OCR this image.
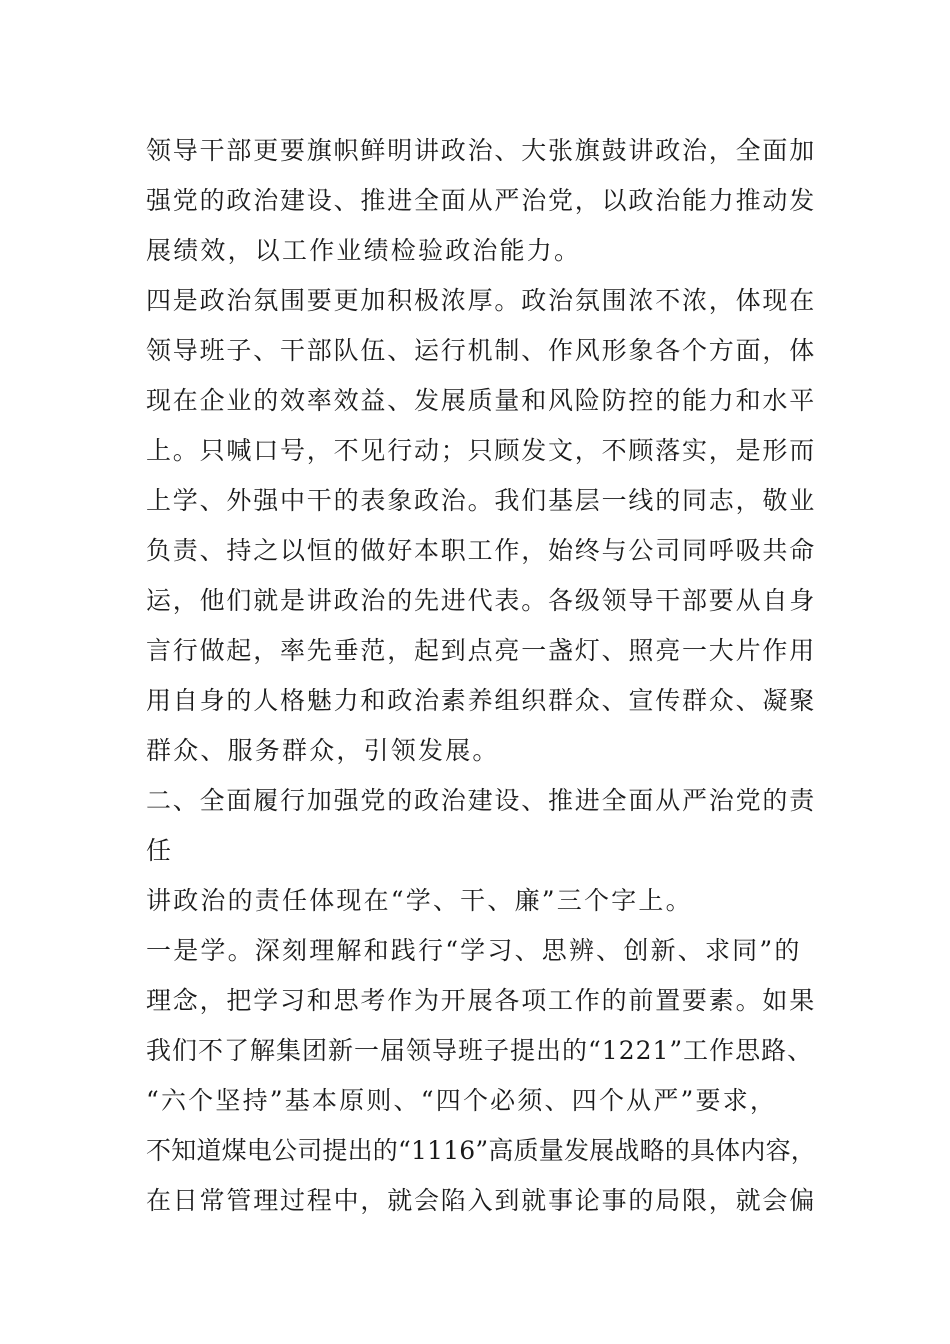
领导干部更要旗帜鲜明讲政治、大张旗鼓讲政治，全面加
强党的政治建设、推进全面从严治党，以政治能力推动发
展绩效，以工作业绩检验政治能力。
四是政治氛围要更加积极浓厚。政治氛围浓不浓，体现在
领导班子、干部队伍、运行机制、作风形象各个方面，体
现在企业的效率效益、发展质量和风险防控的能力和水平
上。只喊口号，不见行动；只顾发文，不顾落实，是形而
上学、外强中干的表象政治。我们基层一线的同志，敬业
负责、持之以恒的做好本职工作，始终与公司同呼吸共命
运，他们就是讲政治的先进代表。各级领导干部要从自身
言行做起，率先垂范，起到点亮一盏灯、照亮一大片作用
用自身的人格魅力和政治素养组织群众、宣传群众、凝聚
群众、服务群众，引领发展。
二、全面履行加强党的政治建设、推进全面从严治党的责
任
讲政治的责任体现在“学、干、廉”三个字上。
一是学。深刻理解和践行“学习、思辨、创新、求同”的
理念，把学习和思考作为开展各项工作的前置要素。如果
我们不了解集团新一届领导班子提出的“1221”工作思路、
“六个坚持”基本原则、“四个必须、四个从严”要求，
不知道煤电公司提出的“1116”高质量发展战略的具体内容，
在日常管理过程中，就会陷入到就事论事的局限，就会偏
